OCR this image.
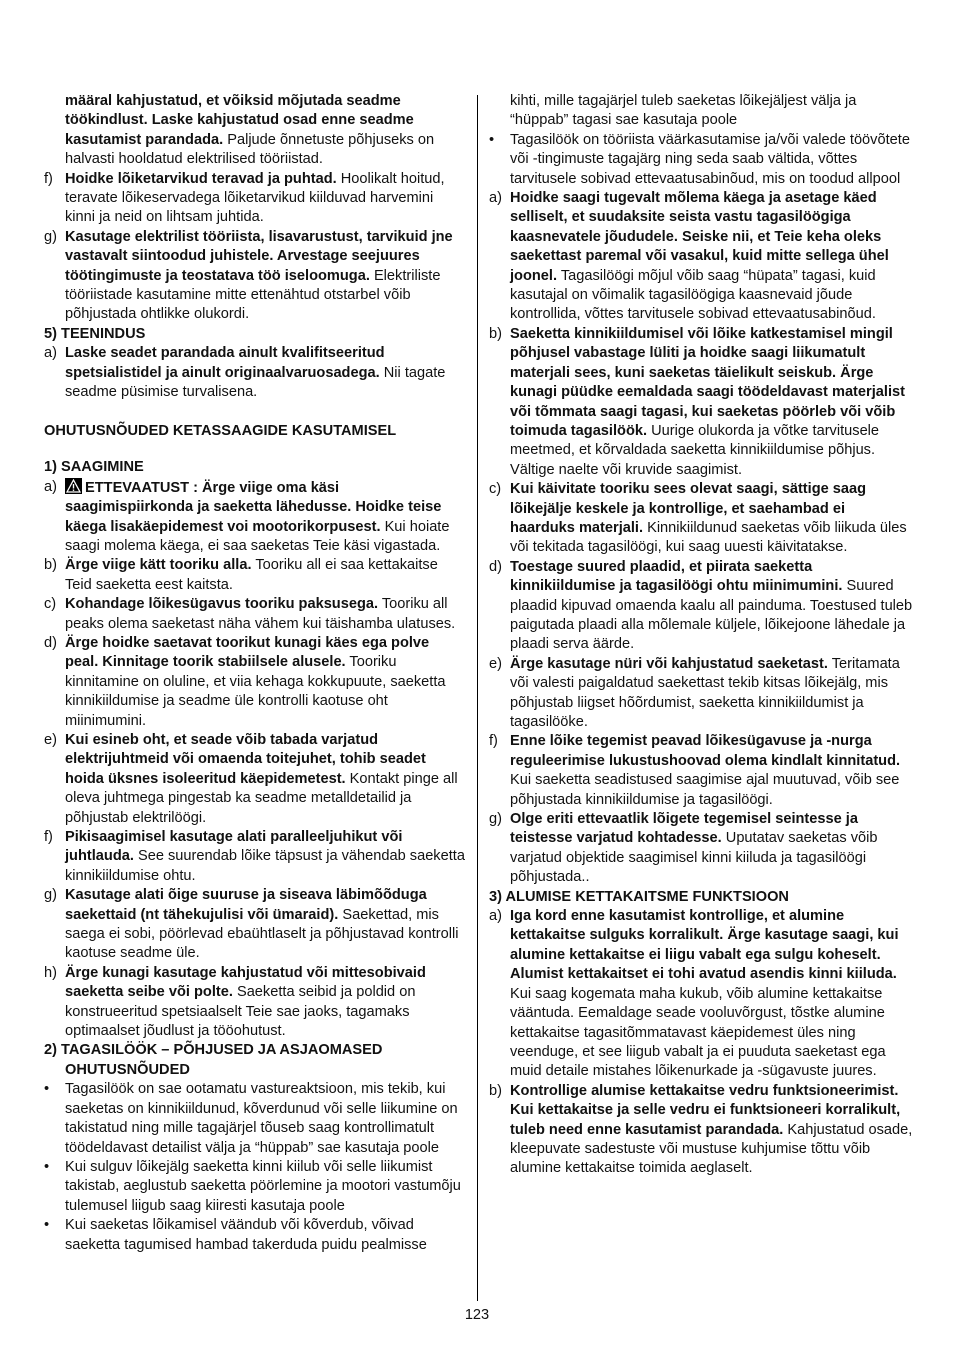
määral kahjustatud, et võiksid mõjutada seadme töökindlust. Laske kahjustatud osad enne seadme kasutamist parandada. Paljude õnnetuste põhjuseks on halvasti hooldatud elektrilised tööriistad.

f) Hoidke lõiketarvikud teravad ja puhtad. Hoolikalt hoitud, teravate lõikeservadega lõiketarvikud kiilduvad harvemini kinni ja neid on lihtsam juhtida.

g) Kasutage elektrilist tööriista, lisavarustust, tarvikuid jne vastavalt siintoodud juhistele. Arvestage seejuures töötingimuste ja teostatava töö iseloomuga. Elektriliste tööriistade kasutamine mitte ettenähtud otstarbel võib põhjustada ohtlikke olukordi.

5) TEENINDUS

a) Laske seadet parandada ainult kvalifitseeritud spetsialistidel ja ainult originaalvaruosadega. Nii tagate seadme püsimise turvalisena.

OHUTUSNÕUDED KETASSAAGIDE KASUTAMISEL

1) SAAGIMINE

a) ETTEVAATUST : Ärge viige oma käsi saagimispiirkonda ja saeketta lähedusse. Hoidke teise käega lisakäepidemest voi mootorikorpusest. Kui hoiate saagi molema käega, ei saa saeketas Teie käsi vigastada.

b) Ärge viige kätt tooriku alla. Tooriku all ei saa kettakaitse Teid saeketta eest kaitsta.

c) Kohandage lõikesügavus tooriku paksusega. Tooriku all peaks olema saeketast näha vähem kui täishamba ulatuses.

d) Ärge hoidke saetavat toorikut kunagi käes ega polve peal. Kinnitage toorik stabiilsele alusele. Tooriku kinnitamine on oluline, et viia kehaga kokkupuute, saeketta kinnikiildumise ja seadme üle kontrolli kaotuse oht miinimumini.

e) Kui esineb oht, et seade võib tabada varjatud elektrijuhtmeid või omaenda toitejuhet, tohib seadet hoida üksnes isoleeritud käepidemetest. Kontakt pinge all oleva juhtmega pingestab ka seadme metalldetailid ja põhjustab elektrilöögi.

f) Pikisaagimisel kasutage alati paralleeljuhikut või juhtlauda. See suurendab lõike täpsust ja vähendab saeketta kinnikiildumise ohtu.

g) Kasutage alati õige suuruse ja siseava läbimõõduga saekettaid (nt tähekujulisi või ümaraid). Saekettad, mis saega ei sobi, pöörlevad ebaühtlaselt ja põhjustavad kontrolli kaotuse seadme üle.

h) Ärge kunagi kasutage kahjustatud või mittesobivaid saeketta seibe või polte. Saeketta seibid ja poldid on konstrueeritud spetsiaalselt Teie sae jaoks, tagamaks optimaalset jõudlust ja tööohutust.

2) TAGASILÖÖK – PÕHJUSED JA ASJAOMASED
OHUTUSNÕUDED

• Tagasilöök on sae ootamatu vastureaktsioon, mis tekib, kui saeketas on kinnikiildunud, kõverdunud või selle liikumine on takistatud ning mille tagajärjel tõuseb saag kontrollimatult töödeldavast detailist välja ja “hüppab” sae kasutaja poole

• Kui sulguv lõikejälg saeketta kinni kiilub või selle liikumist takistab, aeglustub saeketta pöörlemine ja mootori vastumõju tulemusel liigub saag kiiresti kasutaja poole

• Kui saeketas lõikamisel väändub või kõverdub, võivad saeketta tagumised hambad takerduda puidu pealmisse

kihti, mille tagajärjel tuleb saeketas lõikejäljest välja ja “hüppab” tagasi sae kasutaja poole

• Tagasilöök on tööriista väärkasutamise ja/või valede töövõtete või -tingimuste tagajärg ning seda saab vältida, võttes tarvitusele sobivad ettevaatusabinõud, mis on toodud allpool

a) Hoidke saagi tugevalt mõlema käega ja asetage käed selliselt, et suudaksite seista vastu tagasilöögiga kaasnevatele jõududele. Seiske nii, et Teie keha oleks saekettast paremal või vasakul, kuid mitte sellega ühel joonel. Tagasilöögi mõjul võib saag “hüpata” tagasi, kuid kasutajal on võimalik tagasilöögiga kaasnevaid jõude kontrollida, võttes tarvitusele sobivad ettevaatusabinõud.

b) Saeketta kinnikiildumisel või lõike katkestamisel mingil põhjusel vabastage lüliti ja hoidke saagi liikumatult materjali sees, kuni saeketas täielikult seiskub. Ärge kunagi püüdke eemaldada saagi töödeldavast materjalist või tõmmata saagi tagasi, kui saeketas pöörleb või võib toimuda tagasilöök. Uurige olukorda ja võtke tarvitusele meetmed, et kõrvaldada saeketta kinnikiildumise põhjus. Vältige naelte või kruvide saagimist.

c) Kui käivitate tooriku sees olevat saagi, sättige saag lõikejälje keskele ja kontrollige, et saehambad ei haarduks materjali. Kinnikiildunud saeketas võib liikuda üles või tekitada tagasilöögi, kui saag uuesti käivitatakse.

d) Toestage suured plaadid, et piirata saeketta kinnikiildumise ja tagasilöögi ohtu miinimumini. Suured plaadid kipuvad omaenda kaalu all painduma. Toestused tuleb paigutada plaadi alla mõlemale küljele, lõikejoone lähedale ja plaadi serva äärde.

e) Ärge kasutage nüri või kahjustatud saeketast. Teritamata või valesti paigaldatud saekettast tekib kitsas lõikejälg, mis põhjustab liigset hõõrdumist, saeketta kinnikiildumist ja tagasilööke.

f) Enne lõike tegemist peavad lõikesügavuse ja -nurga reguleerimise lukustushoovad olema kindlalt kinnitatud. Kui saeketta seadistused saagimise ajal muutuvad, võib see põhjustada kinnikiildumise ja tagasilöögi.

g) Olge eriti ettevaatlik lõigete tegemisel seintesse ja teistesse varjatud kohtadesse. Uputatav saeketas võib varjatud objektide saagimisel kinni kiiluda ja tagasilöögi põhjustada..

3) ALUMISE KETTAKAITSME FUNKTSIOON

a) Iga kord enne kasutamist kontrollige, et alumine kettakaitse sulguks korralikult. Ärge kasutage saagi, kui alumine kettakaitse ei liigu vabalt ega sulgu koheselt. Alumist kettakaitset ei tohi avatud asendis kinni kiiluda. Kui saag kogemata maha kukub, võib alumine kettakaitse vääntuda. Eemaldage seade vooluvõrgust, tõstke alumine kettakaitse tagasitõmmatavast käepidemest üles ning veenduge, et see liigub vabalt ja ei puuduta saeketast ega muid detaile mistahes lõikenurkade ja -sügavuste juures.

b) Kontrollige alumise kettakaitse vedru funktsioneerimist. Kui kettakaitse ja selle vedru ei funktsioneeri korralikult, tuleb need enne kasutamist parandada. Kahjustatud osade, kleepuvate sadestuste või mustuse kuhjumise tõttu võib alumine kettakaitse toimida aeglaselt.

123
